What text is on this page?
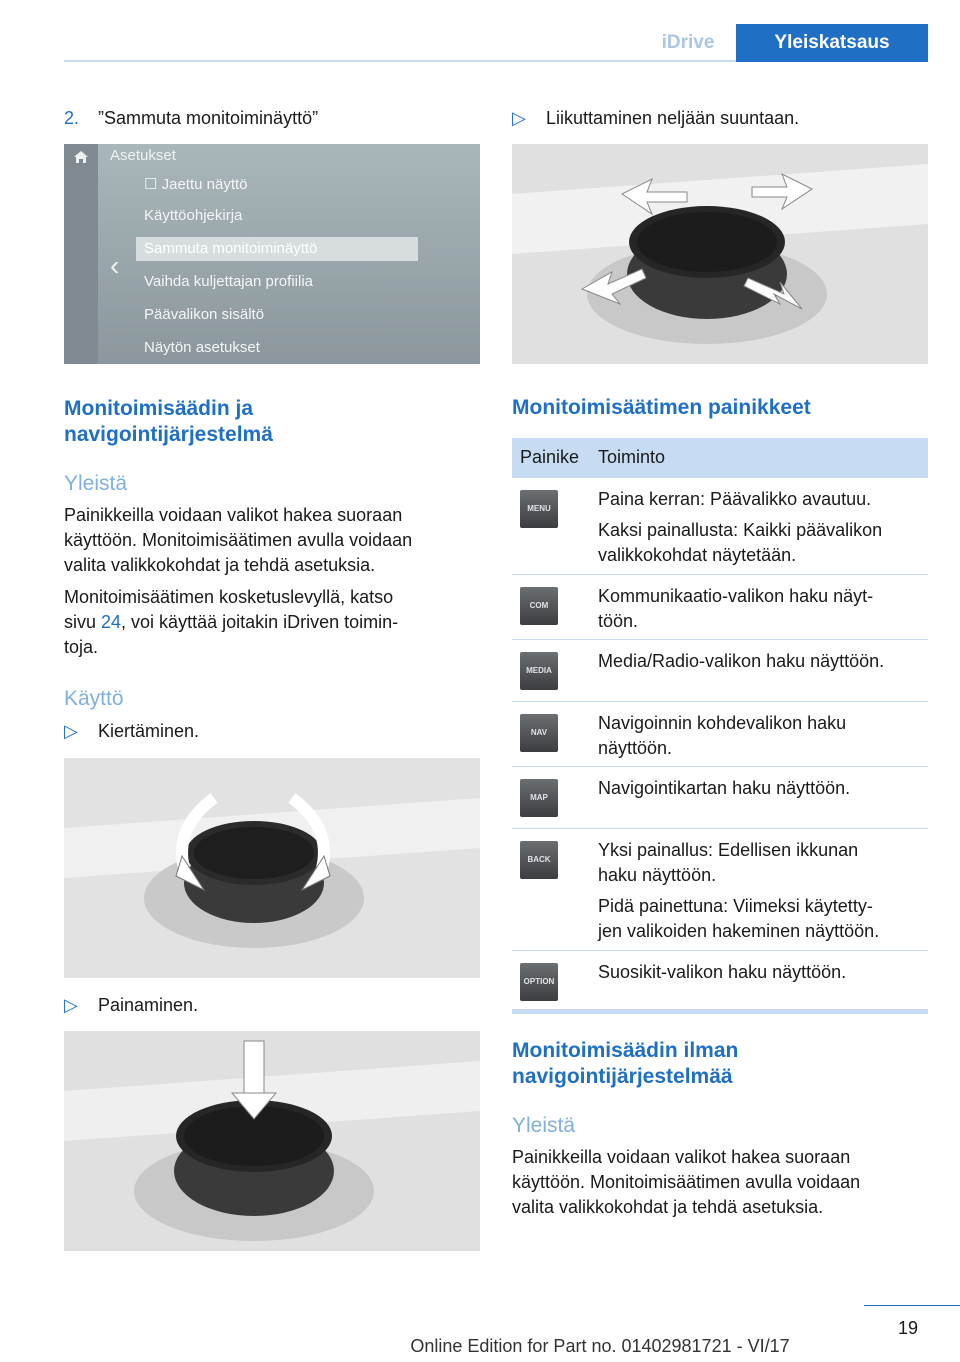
iDrive	Yleiskatsaus
2. ”Sammuta monitoiminäyttö”
Asetukset
‹
☐ Jaettu näyttö
Käyttöohjekirja
Sammuta monitoiminäyttö
Vaihda kuljettajan profiilia
Päävalikon sisältö
Näytön asetukset
Monitoimisäädin ja
navigointijärjestelmä
Yleistä
Painikkeilla voidaan valikot hakea suoraan
käyttöön. Monitoimisäätimen avulla voidaan
valita valikkokohdat ja tehdä asetuksia.
Monitoimisäätimen kosketuslevyllä, katso
sivu 24, voi käyttää joitakin iDriven toimin-
toja.
Käyttö
▷ Kiertäminen.
▷ Painaminen.
▷ Liikuttaminen neljään suuntaan.
Monitoimisäätimen painikkeet
Painike Toiminto
MENU	Paina kerran: Päävalikko avautuu.
Kaksi painallusta: Kaikki päävalikon
valikkokohdat näytetään.
COM	Kommunikaatio-valikon haku näyt-
töön.
MEDIA	Media/Radio-valikon haku näyttöön.
NAV	Navigoinnin kohdevalikon haku
näyttöön.
MAP	Navigointikartan haku näyttöön.
BACK	Yksi painallus: Edellisen ikkunan
haku näyttöön.
Pidä painettuna: Viimeksi käytetty-
jen valikoiden hakeminen näyttöön.
OPTION Suosikit-valikon haku näyttöön.
Monitoimisäädin ilman
navigointijärjestelmää
Yleistä
Painikkeilla voidaan valikot hakea suoraan
käyttöön. Monitoimisäätimen avulla voidaan
valita valikkokohdat ja tehdä asetuksia.
19
Online Edition for Part no. 01402981721 - VI/17
